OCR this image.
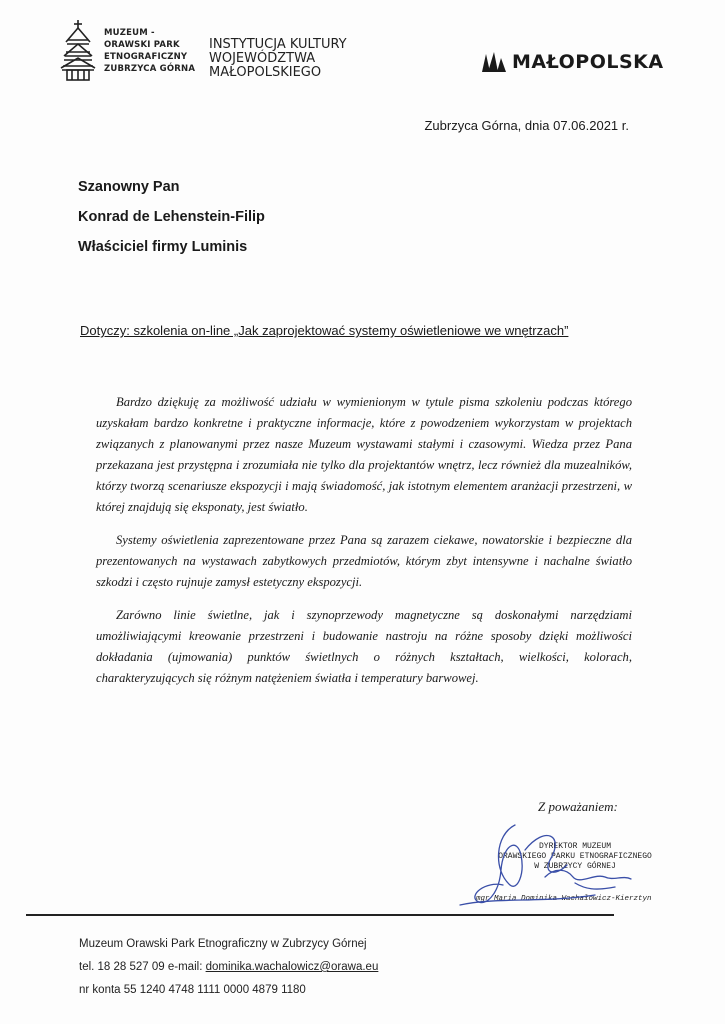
MUZEUM -
ORAWSKI PARK
ETNOGRAFICZNY
ZUBRZYCA GÓRNA
INSTYTUCJA KULTURY
WOJEWÓDZTWA
MAŁOPOLSKIEGO	MAŁOPOLSKA
Zubrzyca Górna, dnia 07.06.2021 r.
Szanowny Pan
Konrad de Lehenstein-Filip
Właściciel firmy Luminis
Dotyczy: szkolenia on-line „Jak zaprojektować systemy oświetleniowe we wnętrzach”

Bardzo dziękuję za możliwość udziału w wymienionym w tytule pisma szkoleniu podczas którego uzyskałam bardzo konkretne i praktyczne informacje, które z powodzeniem wykorzystam w projektach związanych z planowanymi przez nasze Muzeum wystawami stałymi i czasowymi. Wiedza przez Pana przekazana jest przystępna i zrozumiała nie tylko dla projektantów wnętrz, lecz również dla muzealników, którzy tworzą scenariusze ekspozycji i mają świadomość, jak istotnym elementem aranżacji przestrzeni, w której znajdują się eksponaty, jest światło.

Systemy oświetlenia zaprezentowane przez Pana są zarazem ciekawe, nowatorskie i bezpieczne dla prezentowanych na wystawach zabytkowych przedmiotów, którym zbyt intensywne i nachalne światło szkodzi i często rujnuje zamysł estetyczny ekspozycji.

Zarówno linie świetlne, jak i szynoprzewody magnetyczne są doskonałymi narzędziami umożliwiającymi kreowanie przestrzeni i budowanie nastroju na różne sposoby dzięki możliwości dokładania (ujmowania) punktów świetlnych o różnych kształtach, wielkości, kolorach, charakteryzujących się różnym natężeniem światła i temperatury barwowej.

Z poważaniem:
DYREKTOR MUZEUM
ORAWSKIEGO PARKU ETNOGRAFICZNEGO
W ZUBRZYCY GÓRNEJ
mgr Maria Dominika Wachałowicz-Kierztyn
Muzeum Orawski Park Etnograficzny w Zubrzycy Górnej
tel. 18 28 527 09 e-mail: dominika.wachalowicz@orawa.eu
nr konta 55 1240 4748 1111 0000 4879 1180
